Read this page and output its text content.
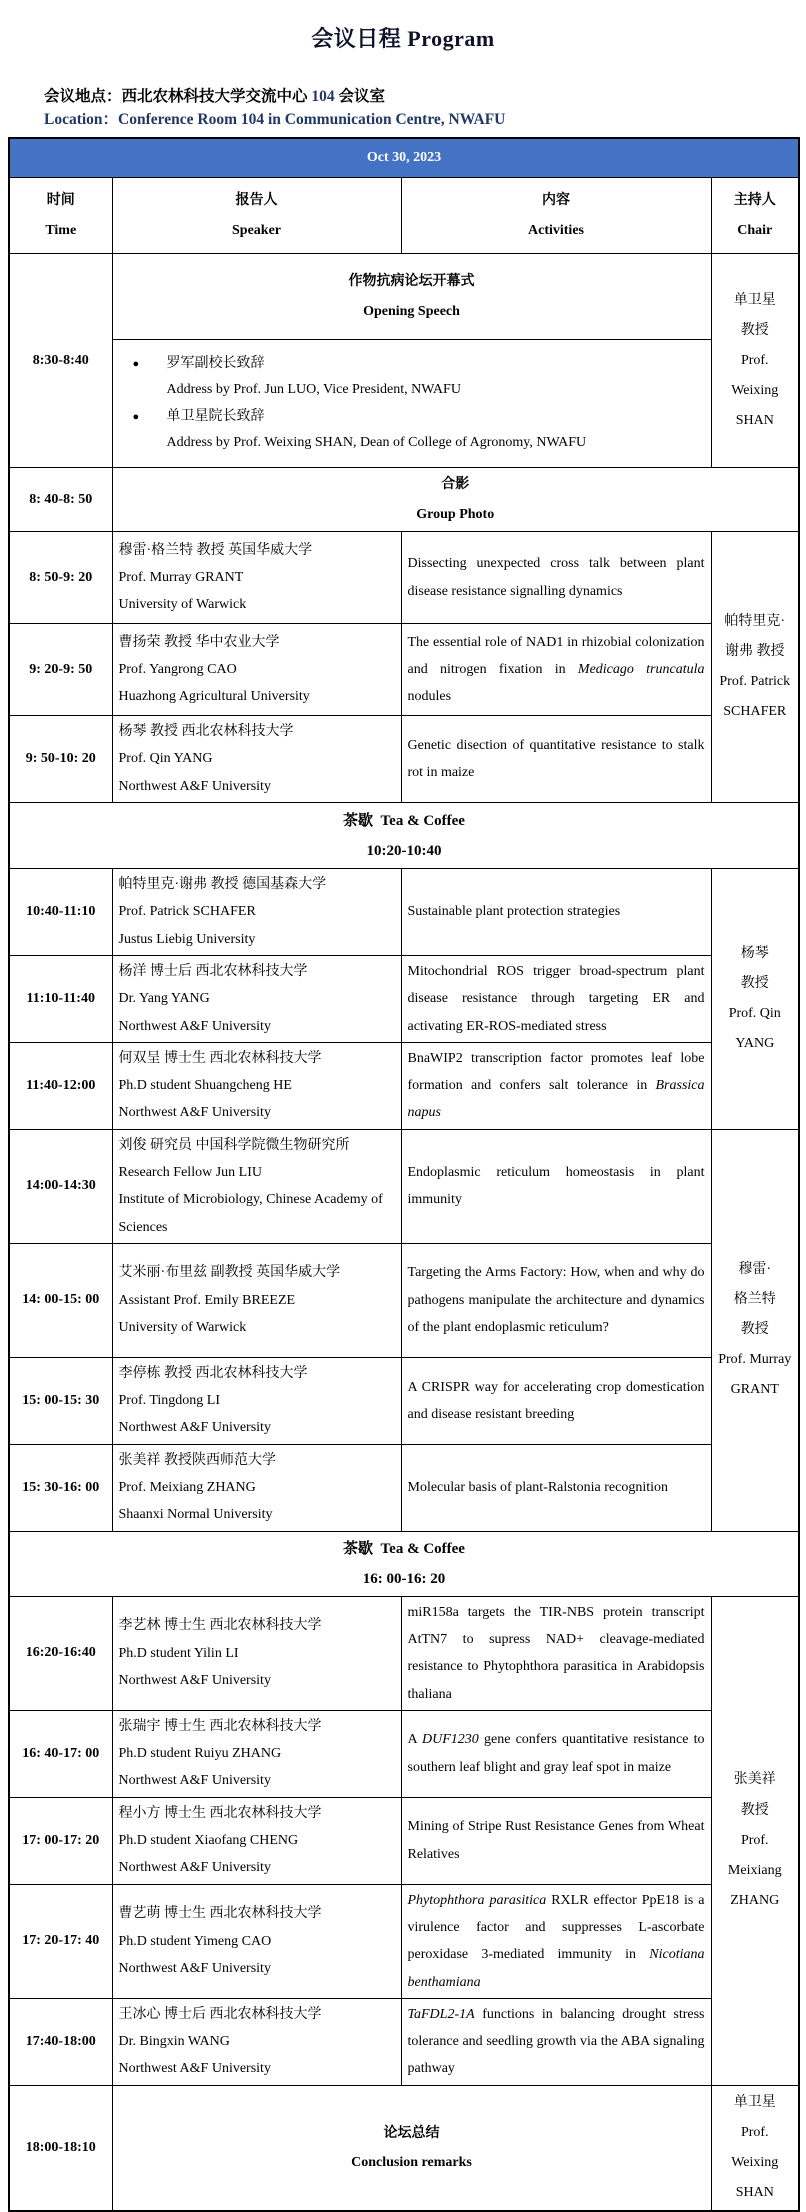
会议日程 Program
会议地点：西北农林科技大学交流中心 104 会议室
Location：Conference Room 104 in Communication Centre, NWAFU
Oct 30, 2023			

时间
Time

报告人
Speaker

内容
Activities

主持人
Chair

8:30-8:40	
作物抗病论坛开幕式
Opening Speech

单卫星
教授
Prof.
Weixing
SHAN

●	罗军副校长致辞
Address by Prof. Jun LUO, Vice President, NWAFU
●	单卫星院长致辞
Address by Prof. Weixing SHAN, Dean of College of Agronomy, NWAFU

8: 40-8: 50	合影
Group Photo		

8: 50-9: 20	
穆雷·格兰特 教授 英国华威大学
Prof. Murray GRANT
University of Warwick
	Dissecting unexpected cross talk between plant disease resistance signalling dynamics	
帕特里克·
谢弗 教授
Prof. Patrick
SCHAFER

9: 20-9: 50	曹扬荣 教授 华中农业大学
Prof. Yangrong CAO
Huazhong Agricultural University	The essential role of NAD1 in rhizobial colonization and nitrogen fixation in Medicago truncatula nodules	
9: 50-10: 20	杨琴 教授 西北农林科技大学
Prof. Qin YANG
Northwest A&F University	Genetic disection of quantitative resistance to stalk rot in maize	

茶歇 Tea & Coffee
10:20-10:40			

10:40-11:10	
帕特里克·谢弗 教授 德国基森大学
Prof. Patrick SCHAFER
Justus Liebig University
	Sustainable plant protection strategies	
杨琴
教授
Prof. Qin
YANG

11:10-11:40	杨洋 博士后 西北农林科技大学
Dr. Yang YANG
Northwest A&F University	Mitochondrial ROS trigger broad-spectrum plant disease resistance through targeting ER and activating ER-ROS-mediated stress	
11:40-12:00	何双呈 博士生 西北农林科技大学
Ph.D student Shuangcheng HE
Northwest A&F University	BnaWIP2 transcription factor promotes leaf lobe formation and confers salt tolerance in Brassica napus	
14:00-14:30	
刘俊 研究员 中国科学院微生物研究所
Research Fellow Jun LIU
Institute of Microbiology, Chinese Academy of Sciences
	Endoplasmic reticulum homeostasis in plant immunity	
穆雷·
格兰特
教授
Prof. Murray
GRANT

14: 00-15: 00	艾米丽·布里兹 副教授 英国华威大学
Assistant Prof. Emily BREEZE
University of Warwick	Targeting the Arms Factory: How, when and why do pathogens manipulate the architecture and dynamics of the plant endoplasmic reticulum?	
15: 00-15: 30	李停栋 教授 西北农林科技大学
Prof. Tingdong LI
Northwest A&F University	A CRISPR way for accelerating crop domestication and disease resistant breeding	
15: 30-16: 00	张美祥 教授陕西师范大学
Prof. Meixiang ZHANG
Shaanxi Normal University	Molecular basis of plant-Ralstonia recognition	

茶歇 Tea & Coffee
16: 00-16: 20			

16:20-16:40	
李艺林 博士生 西北农林科技大学
Ph.D student Yilin LI
Northwest A&F University
	miR158a targets the TIR-NBS protein transcript AtTN7 to supress NAD+ cleavage-mediated resistance to Phytophthora parasitica in Arabidopsis thaliana	
张美祥
教授
Prof.
Meixiang
ZHANG

16: 40-17: 00	张瑞宇 博士生 西北农林科技大学
Ph.D student Ruiyu ZHANG
Northwest A&F University	A DUF1230 gene confers quantitative resistance to southern leaf blight and gray leaf spot in maize	
17: 00-17: 20	程小方 博士生 西北农林科技大学
Ph.D student Xiaofang CHENG
Northwest A&F University	Mining of Stripe Rust Resistance Genes from Wheat Relatives	
17: 20-17: 40	曹艺萌 博士生 西北农林科技大学
Ph.D student Yimeng CAO
Northwest A&F University	Phytophthora parasitica RXLR effector PpE18 is a virulence factor and suppresses L-ascorbate peroxidase 3-mediated immunity in Nicotiana benthamiana	
17:40-18:00	王冰心 博士后 西北农林科技大学
Dr. Bingxin WANG
Northwest A&F University	TaFDL2-1A functions in balancing drought stress tolerance and seedling growth via the ABA signaling pathway	
18:00-18:10	
论坛总结
Conclusion remarks

单卫星
Prof.
Weixing
SHAN
